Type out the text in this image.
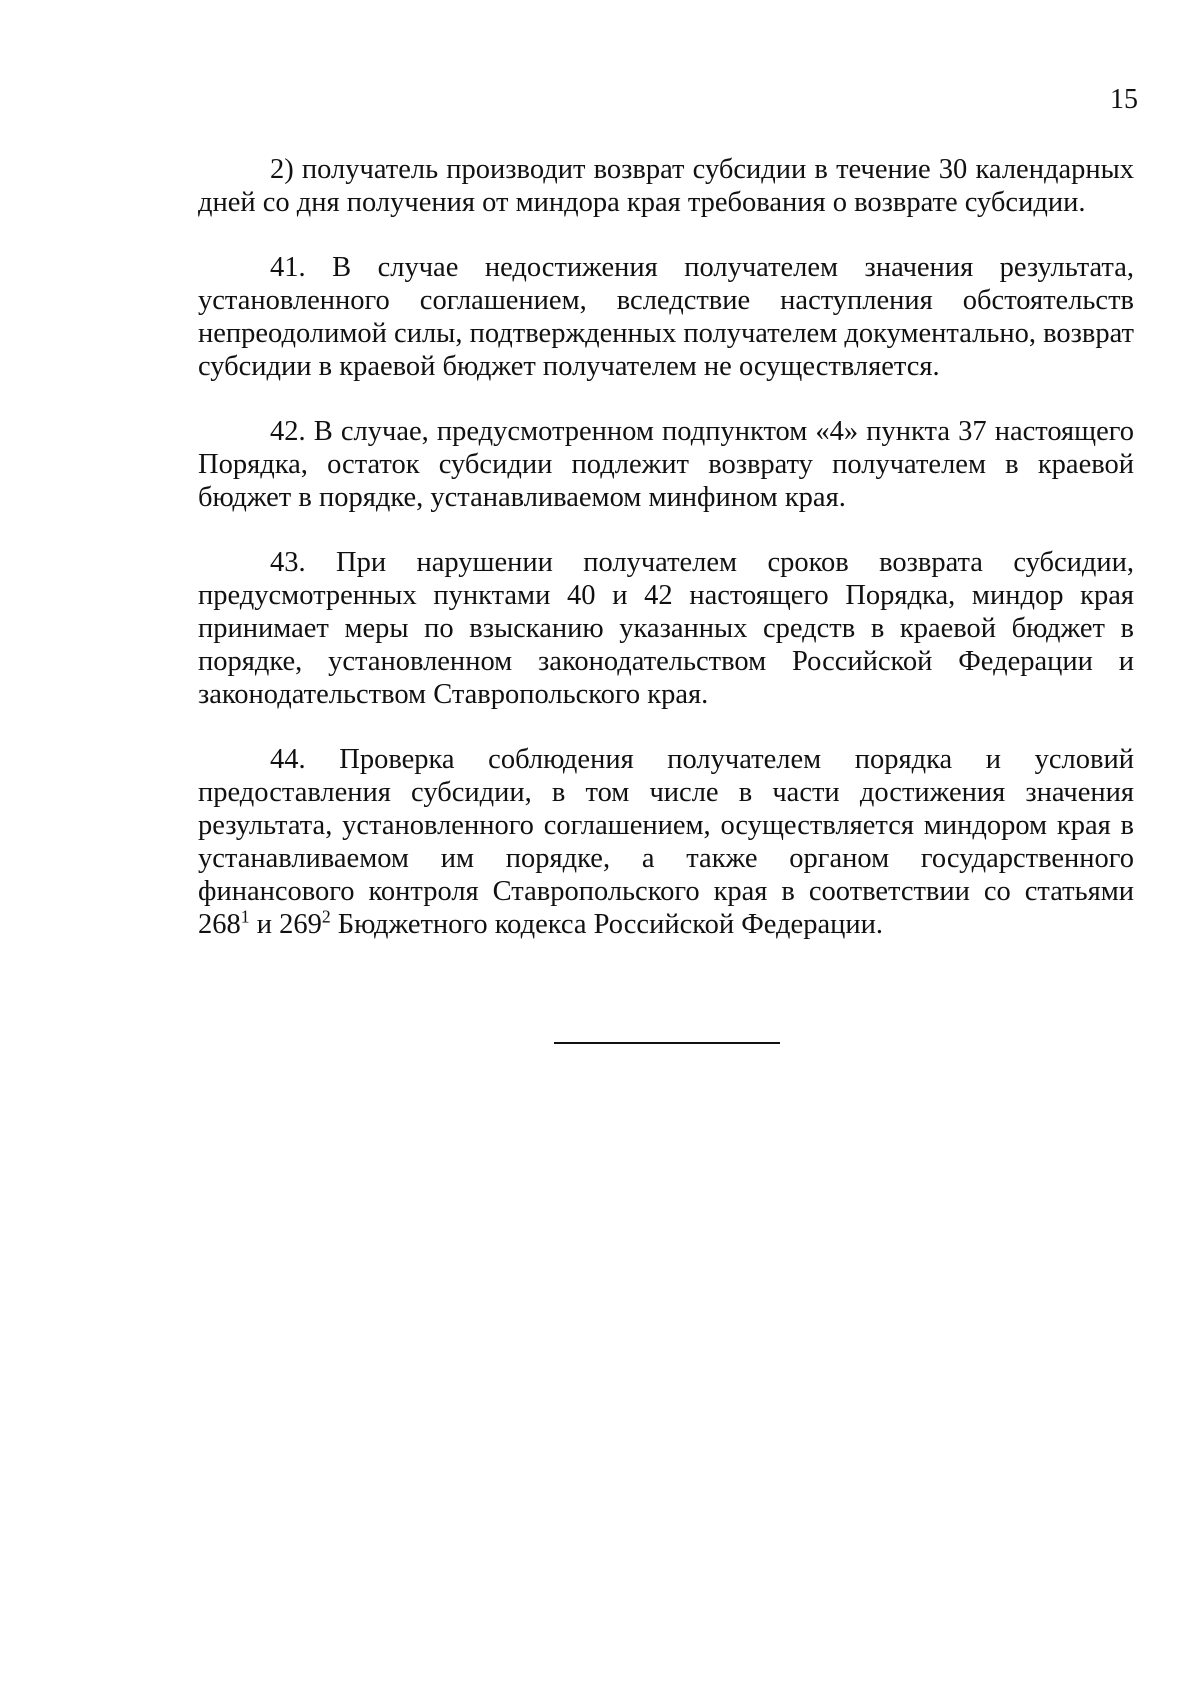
15

2) получатель производит возврат субсидии в течение 30 календарных дней со дня получения от миндора края требования о возврате субсидии.

41. В случае недостижения получателем значения результата, установленного соглашением, вследствие наступления обстоятельств непреодолимой силы, подтвержденных получателем документально, возврат субсидии в краевой бюджет получателем не осуществляется.

42. В случае, предусмотренном подпунктом «4» пункта 37 настоящего Порядка, остаток субсидии подлежит возврату получателем в краевой бюджет в порядке, устанавливаемом минфином края.

43. При нарушении получателем сроков возврата субсидии, предусмотренных пунктами 40 и 42 настоящего Порядка, миндор края принимает меры по взысканию указанных средств в краевой бюджет в порядке, установленном законодательством Российской Федерации и законодательством Ставропольского края.

44. Проверка соблюдения получателем порядка и условий предоставления субсидии, в том числе в части достижения значения результата, установленного соглашением, осуществляется миндором края в устанавливаемом им порядке, а также органом государственного финансового контроля Ставропольского края в соответствии со статьями $268^1$ и $269^2$ Бюджетного кодекса Российской Федерации.
